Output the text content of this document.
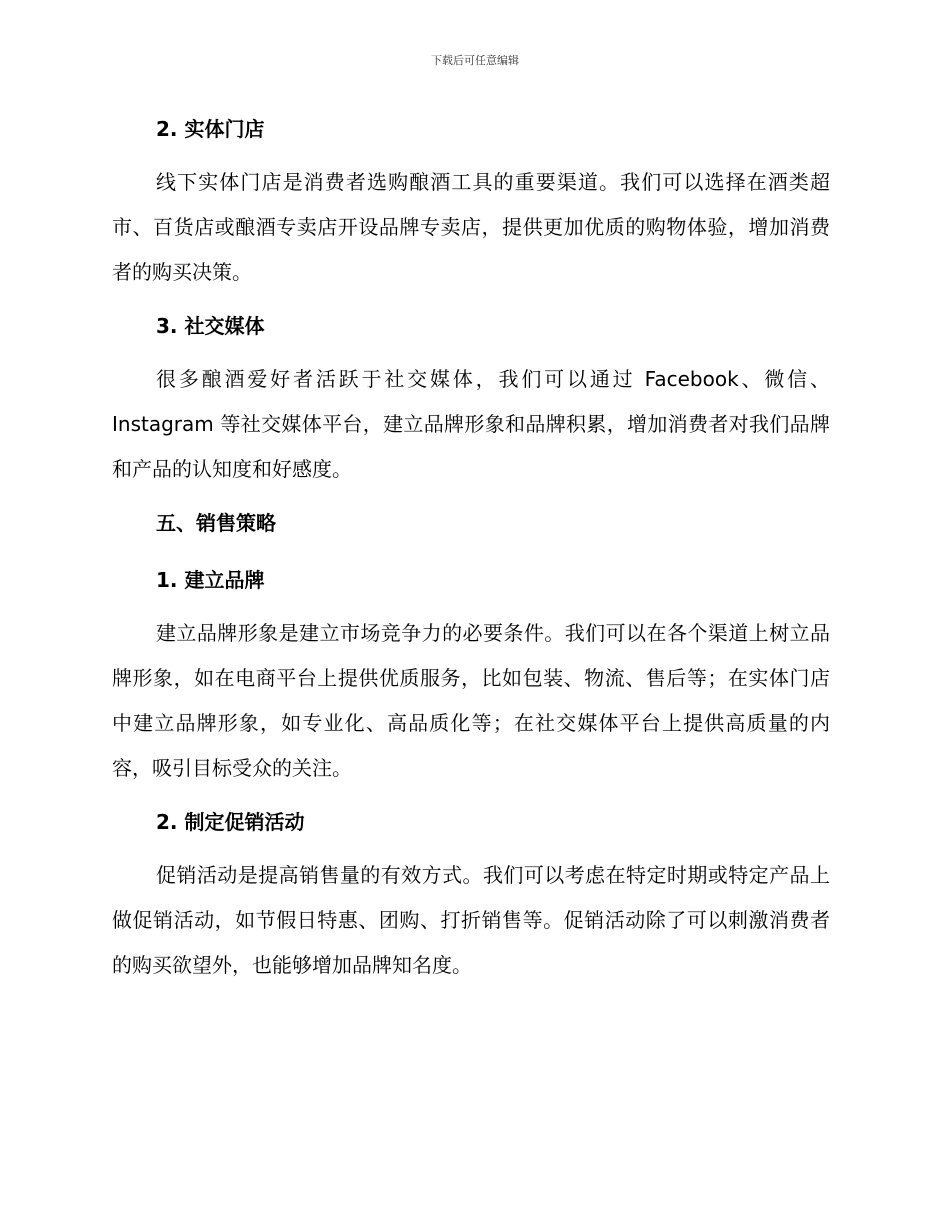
下载后可任意编辑
2. 实体门店

线下实体门店是消费者选购酿酒工具的重要渠道。我们可以选择在酒类超市、百货店或酿酒专卖店开设品牌专卖店，提供更加优质的购物体验，增加消费者的购买决策。

3. 社交媒体

很多酿酒爱好者活跃于社交媒体，我们可以通过 Facebook、微信、Instagram 等社交媒体平台，建立品牌形象和品牌积累，增加消费者对我们品牌和产品的认知度和好感度。

五、销售策略
1. 建立品牌

建立品牌形象是建立市场竞争力的必要条件。我们可以在各个渠道上树立品牌形象，如在电商平台上提供优质服务，比如包装、物流、售后等；在实体门店中建立品牌形象，如专业化、高品质化等；在社交媒体平台上提供高质量的内容，吸引目标受众的关注。

2. 制定促销活动

促销活动是提高销售量的有效方式。我们可以考虑在特定时期或特定产品上做促销活动，如节假日特惠、团购、打折销售等。促销活动除了可以刺激消费者的购买欲望外，也能够增加品牌知名度。
